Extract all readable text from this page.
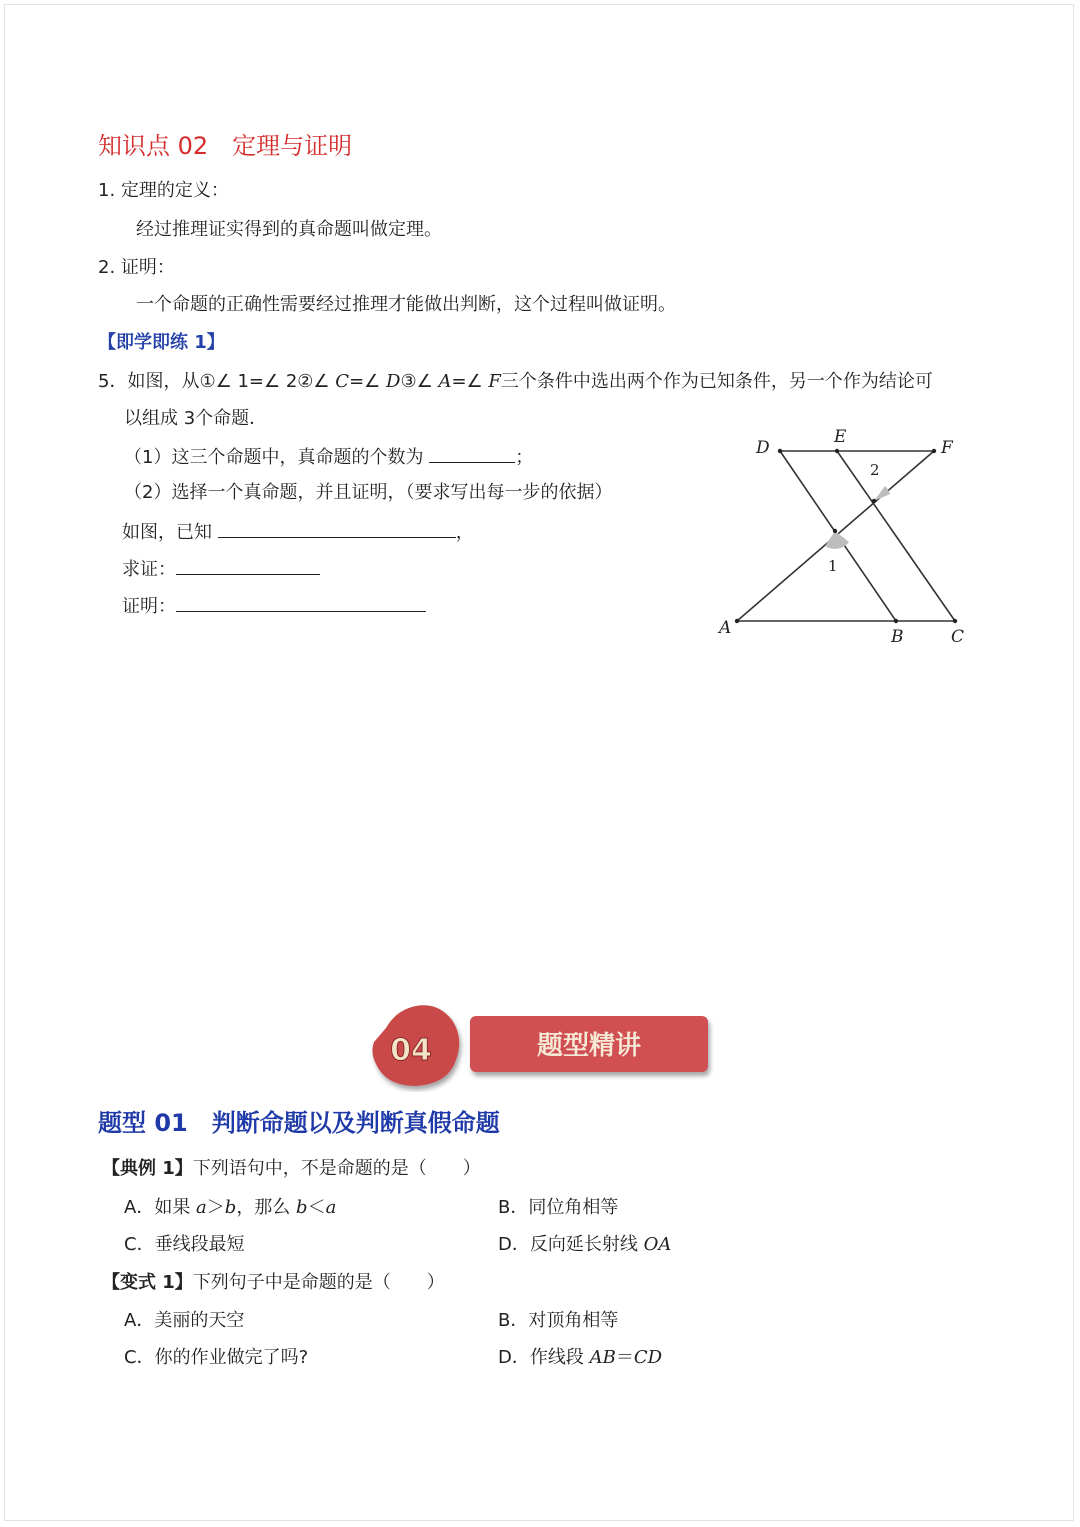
知识点 02 定理与证明
1. 定理的定义：
经过推理证实得到的真命题叫做定理。
2. 证明：
一个命题的正确性需要经过推理才能做出判断，这个过程叫做证明。
【即学即练 1】
5．如图，从①∠ 1=∠ 2②∠ C=∠ D③∠ A=∠ F三个条件中选出两个作为已知条件，另一个作为结论可
以组成 3个命题．
（1）这三个命题中，真命题的个数为	；
（2）选择一个真命题，并且证明，（要求写出每一步的依据）
如图，已知	，
求证：
证明：
D
E
F
A	B	C
1
2
04	题型精讲
题型 01 判断命题以及判断真假命题
【典例 1】下列语句中，不是命题的是（　　）
A．如果 a＞b，那么 b＜a	B．同位角相等
C．垂线段最短	D．反向延长射线 OA
【变式 1】下列句子中是命题的是（　　）
A．美丽的天空	B．对顶角相等
C．你的作业做完了吗?	D．作线段 AB＝CD
